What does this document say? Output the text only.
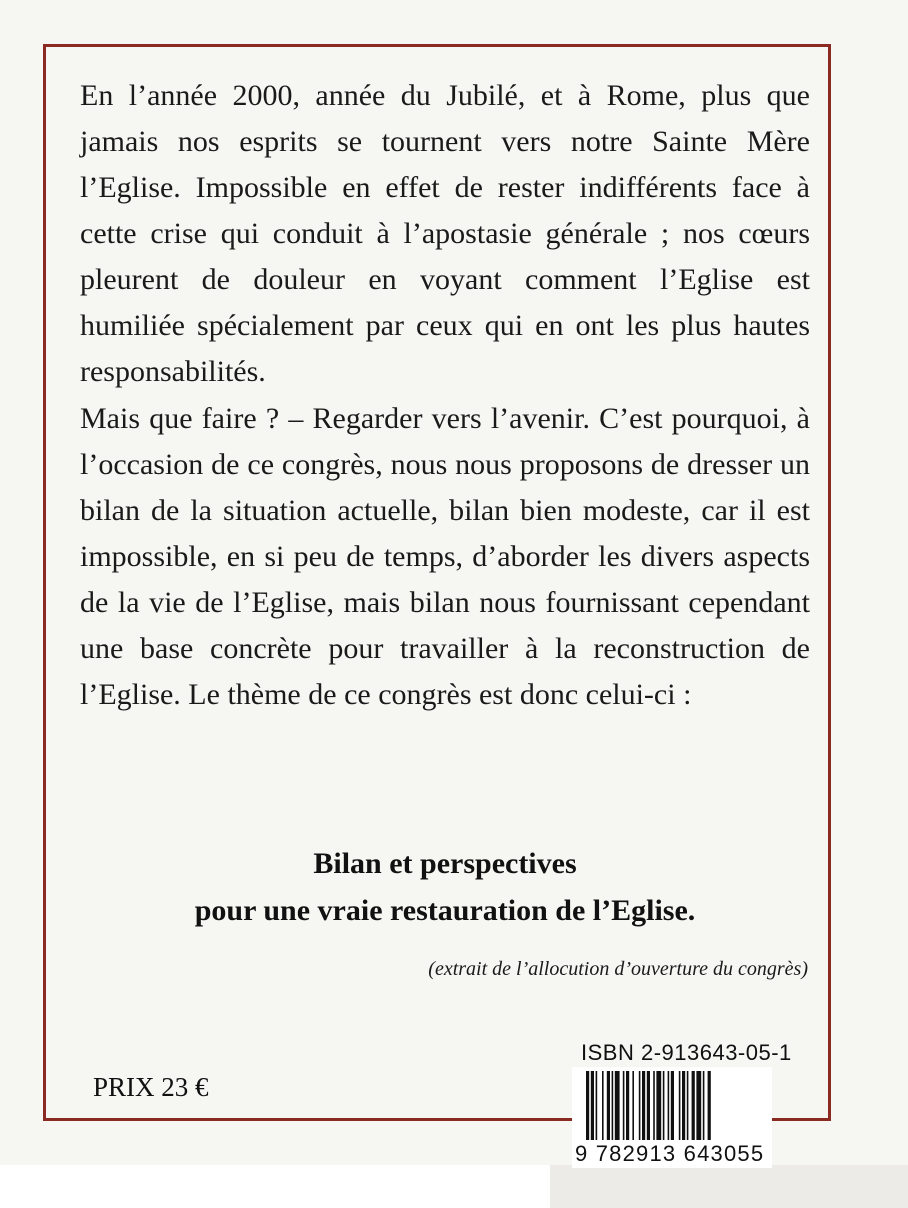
En l’année 2000, année du Jubilé, et à Rome, plus que jamais nos esprits se tournent vers notre Sainte Mère l’Eglise. Impossible en effet de rester indifférents face à cette crise qui conduit à l’apostasie générale ; nos cœurs pleurent de douleur en voyant comment l’Eglise est humiliée spécialement par ceux qui en ont les plus hautes responsabilités.

Mais que faire ? – Regarder vers l’avenir. C’est pourquoi, à l’occasion de ce congrès, nous nous proposons de dresser un bilan de la situation actuelle, bilan bien modeste, car il est impossible, en si peu de temps, d’aborder les divers aspects de la vie de l’Eglise, mais bilan nous fournissant cependant une base concrète pour travailler à la reconstruction de l’Eglise. Le thème de ce congrès est donc celui-ci :

Bilan et perspectives
pour une vraie restauration de l’Eglise.
(extrait de l’allocution d’ouverture du congrès)
ISBN 2-913643-05-1
PRIX 23 €
9 782913 643055
